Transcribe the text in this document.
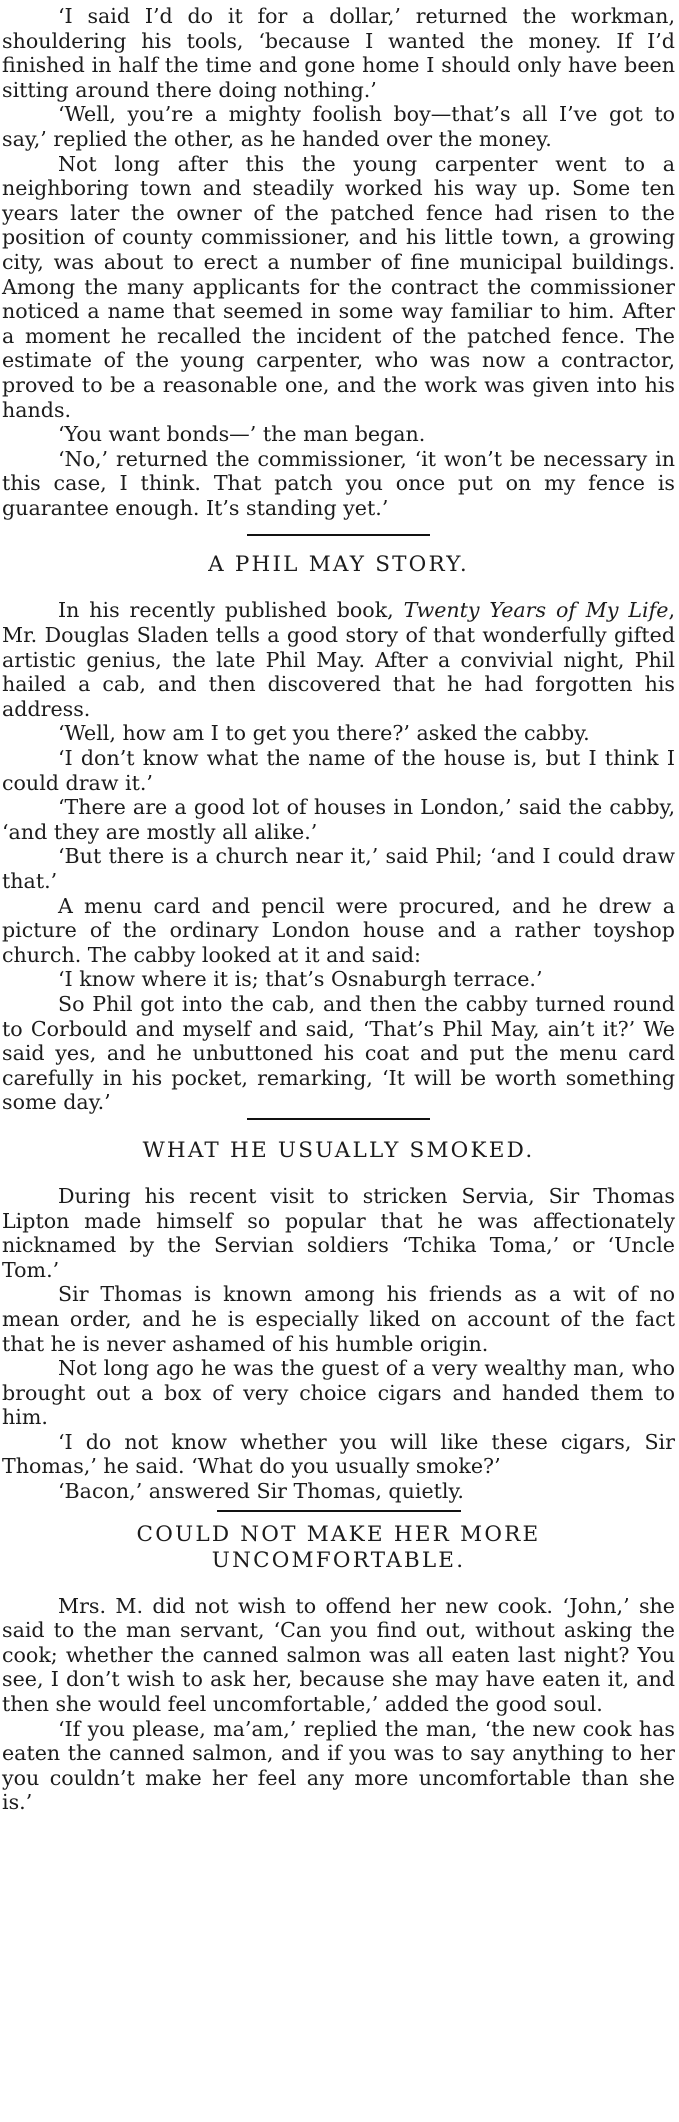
‘I said I’d do it for a dollar,’ returned the workman, shouldering his tools, ‘because I wanted the money. If I’d finished in half the time and gone home I should only have been sitting around there doing nothing.’

‘Well, you’re a mighty foolish boy—that’s all I’ve got to say,’ replied the other, as he handed over the money.

Not long after this the young carpenter went to a neighboring town and steadily worked his way up. Some ten years later the owner of the patched fence had risen to the position of county commissioner, and his little town, a growing city, was about to erect a number of fine municipal buildings. Among the many applicants for the contract the commissioner noticed a name that seemed in some way familiar to him. After a moment he recalled the incident of the patched fence. The estimate of the young carpenter, who was now a contractor, proved to be a reasonable one, and the work was given into his hands.

‘You want bonds—’ the man began.

‘No,’ returned the commissioner, ‘it won’t be necessary in this case, I think. That patch you once put on my fence is guarantee enough. It’s standing yet.’

A PHIL MAY STORY.

In his recently published book, Twenty Years of My Life, Mr. Douglas Sladen tells a good story of that wonderfully gifted artistic genius, the late Phil May. After a convivial night, Phil hailed a cab, and then discovered that he had forgotten his address.

‘Well, how am I to get you there?’ asked the cabby.

‘I don’t know what the name of the house is, but I think I could draw it.’

‘There are a good lot of houses in London,’ said the cabby, ‘and they are mostly all alike.’

‘But there is a church near it,’ said Phil; ‘and I could draw that.’

A menu card and pencil were procured, and he drew a picture of the ordinary London house and a rather toyshop church. The cabby looked at it and said:

‘I know where it is; that’s Osnaburgh terrace.’

So Phil got into the cab, and then the cabby turned round to Corbould and myself and said, ‘That’s Phil May, ain’t it?’ We said yes, and he unbuttoned his coat and put the menu card carefully in his pocket, remarking, ‘It will be worth something some day.’

WHAT HE USUALLY SMOKED.

During his recent visit to stricken Servia, Sir Thomas Lipton made himself so popular that he was affectionately nicknamed by the Servian soldiers ‘Tchika Toma,’ or ‘Uncle Tom.’

Sir Thomas is known among his friends as a wit of no mean order, and he is especially liked on account of the fact that he is never ashamed of his humble origin.

Not long ago he was the guest of a very wealthy man, who brought out a box of very choice cigars and handed them to him.

‘I do not know whether you will like these cigars, Sir Thomas,’ he said. ‘What do you usually smoke?’

‘Bacon,’ answered Sir Thomas, quietly.

COULD NOT MAKE HER MORE
UNCOMFORTABLE.

Mrs. M. did not wish to offend her new cook. ‘John,’ she said to the man servant, ‘Can you find out, without asking the cook; whether the canned salmon was all eaten last night? You see, I don’t wish to ask her, because she may have eaten it, and then she would feel uncomfortable,’ added the good soul.

‘If you please, ma’am,’ replied the man, ‘the new cook has eaten the canned salmon, and if you was to say anything to her you couldn’t make her feel any more uncomfortable than she is.’
